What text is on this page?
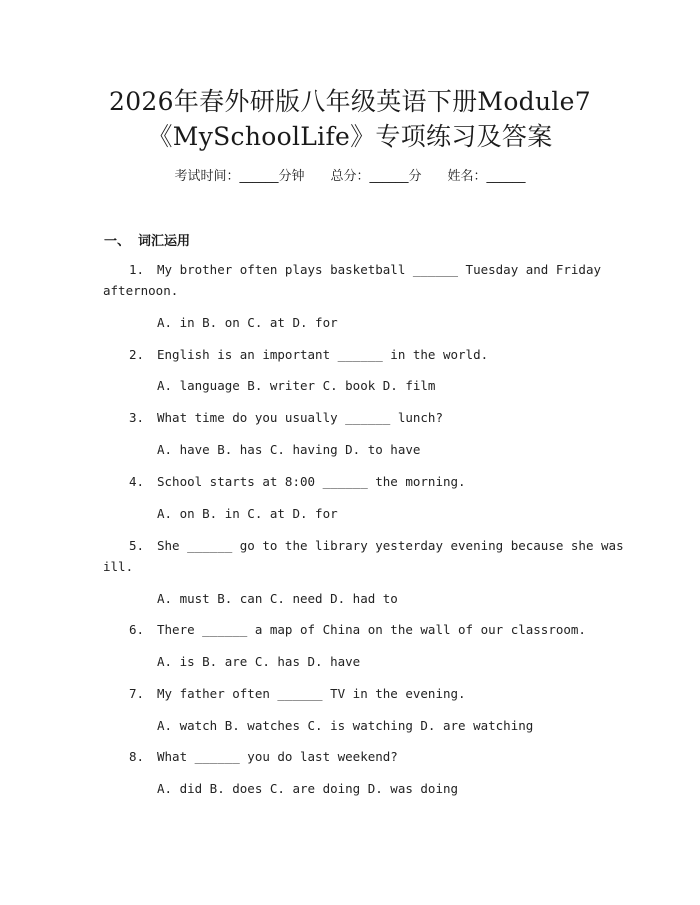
2026年春外研版八年级英语下册Module7
《MySchoolLife》专项练习及答案
考试时间：______分钟 总分：______分 姓名：______
一、 词汇运用
1. My brother often plays basketball ______ Tuesday and Friday
afternoon.
A. in B. on C. at D. for
2. English is an important ______ in the world.
A. language B. writer C. book D. film
3. What time do you usually ______ lunch?
A. have B. has C. having D. to have
4. School starts at 8:00 ______ the morning.
A. on B. in C. at D. for
5. She ______ go to the library yesterday evening because she was
ill.
A. must B. can C. need D. had to
6. There ______ a map of China on the wall of our classroom.
A. is B. are C. has D. have
7. My father often ______ TV in the evening.
A. watch B. watches C. is watching D. are watching
8. What ______ you do last weekend?
A. did B. does C. are doing D. was doing
